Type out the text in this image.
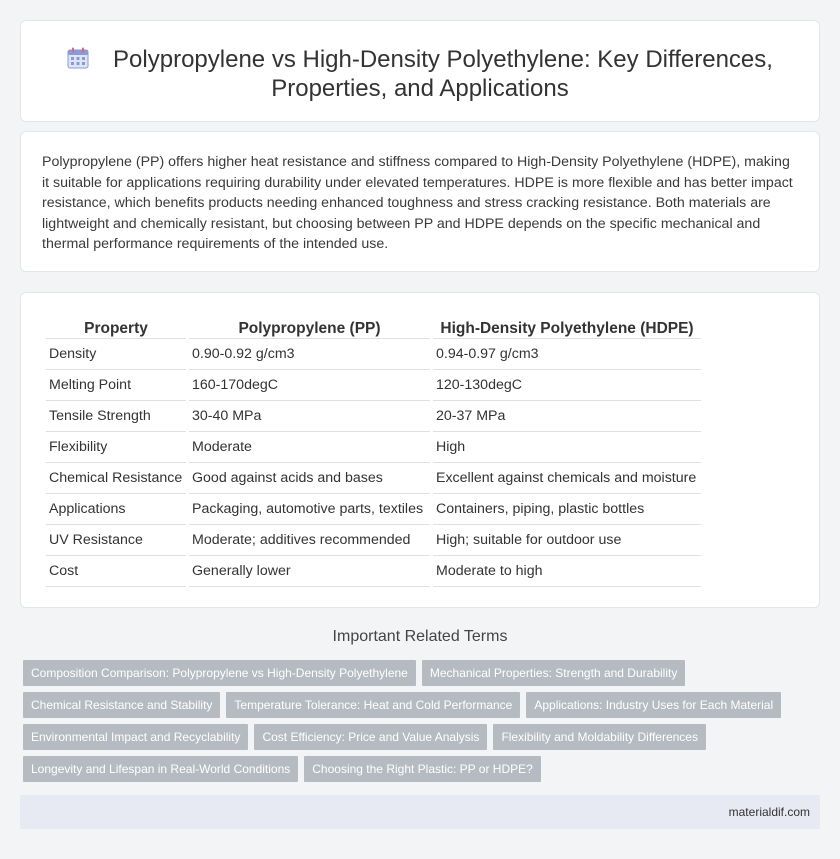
Polypropylene vs High-Density Polyethylene: Key Differences, Properties, and Applications
Polypropylene (PP) offers higher heat resistance and stiffness compared to High-Density Polyethylene (HDPE), making it suitable for applications requiring durability under elevated temperatures. HDPE is more flexible and has better impact resistance, which benefits products needing enhanced toughness and stress cracking resistance. Both materials are lightweight and chemically resistant, but choosing between PP and HDPE depends on the specific mechanical and thermal performance requirements of the intended use.
Property	Polypropylene (PP)	High-Density Polyethylene (HDPE)
Density	0.90-0.92 g/cm3	0.94-0.97 g/cm3
Melting Point	160-170degC	120-130degC
Tensile Strength	30-40 MPa	20-37 MPa
Flexibility	Moderate	High
Chemical Resistance	Good against acids and bases	Excellent against chemicals and moisture
Applications	Packaging, automotive parts, textiles	Containers, piping, plastic bottles
UV Resistance	Moderate; additives recommended	High; suitable for outdoor use
Cost	Generally lower	Moderate to high
Important Related Terms
Composition Comparison: Polypropylene vs High-Density Polyethylene Mechanical Properties: Strength and Durability
Chemical Resistance and Stability Temperature Tolerance: Heat and Cold Performance Applications: Industry Uses for Each Material
Environmental Impact and Recyclability Cost Efficiency: Price and Value Analysis Flexibility and Moldability Differences
Longevity and Lifespan in Real-World Conditions Choosing the Right Plastic: PP or HDPE?
materialdif.com
